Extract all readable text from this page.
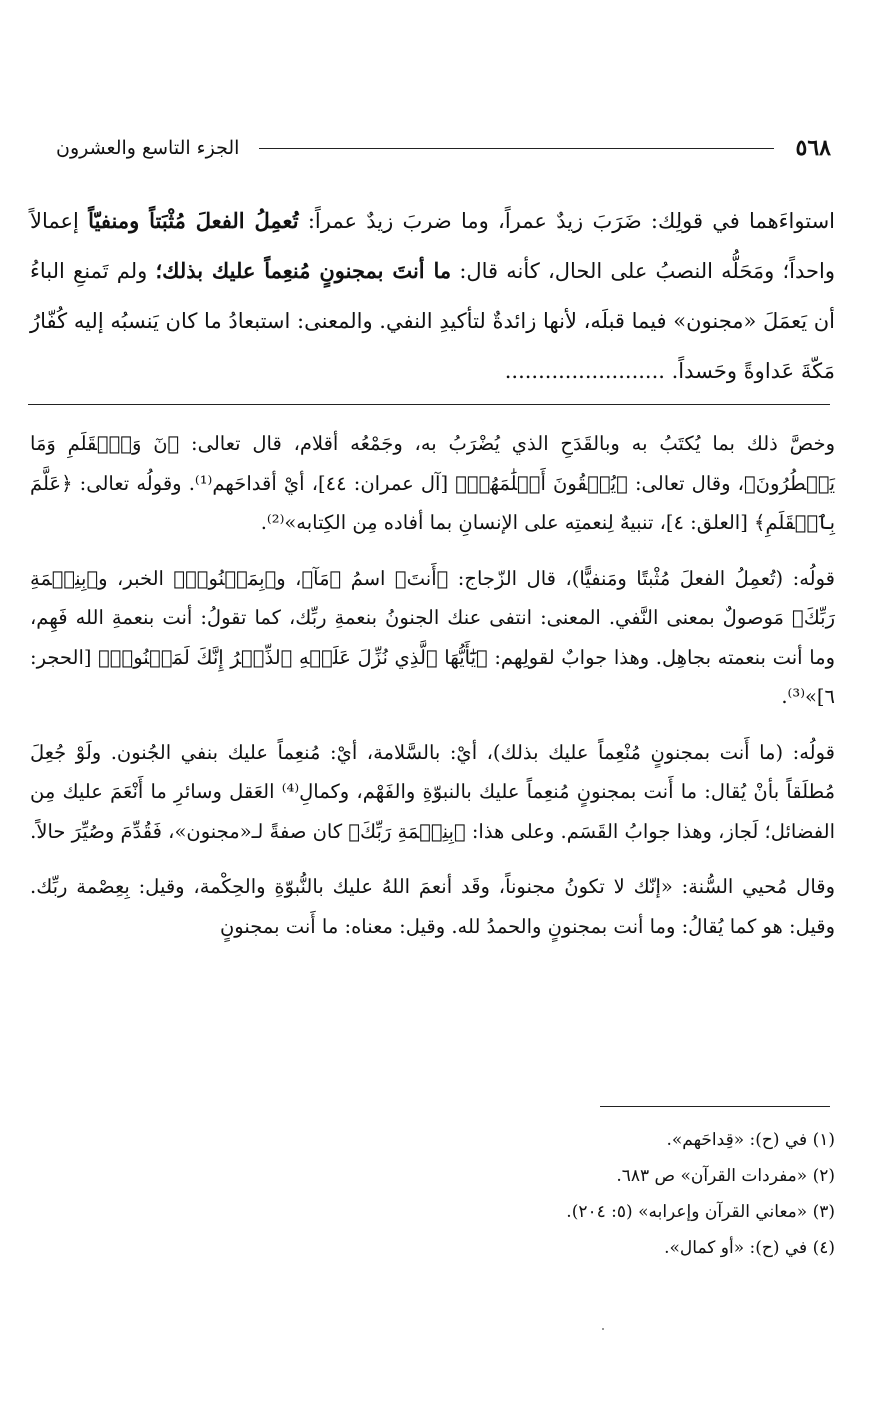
٥٦٨
الجزء التاسع والعشرون

استواءَهما في قولِك: ضَرَبَ زيدٌ عمراً، وما ضربَ زيدٌ عمراً: تُعمِلُ الفعلَ مُثْبَتاً ومنفيّاً إعمالاً واحداً؛ ومَحَلُّه النصبُ على الحال، كأنه قال: ما أنتَ بمجنونٍ مُنعِماً عليك بذلك؛ ولم تَمنعِ الباءُ أن يَعمَلَ «مجنون» فيما قبلَه، لأنها زائدةٌ لتأكيدِ النفي. والمعنى: استبعادُ ما كان يَنسبُه إليه كُفّارُ مَكّةَ عَداوةً وحَسداً. ........................

وخصَّ ذلك بما يُكتَبُ به وبالقَدَحِ الذي يُضْرَبُ به، وجَمْعُه أقلام، قال تعالى: ﴿نٓ وَٱلۡقَلَمِ وَمَا يَسۡطُرُونَ﴾، وقال تعالى: ﴿يُلۡقُونَ أَقۡلَٰمَهُمۡ﴾ [آل عمران: ٤٤]، أيْ أقداحَهم⁽¹⁾. وقولُه تعالى: ﴿عَلَّمَ بِٱلۡقَلَمِ﴾ [العلق: ٤]، تنبيهٌ لِنعمتِه على الإنسانِ بما أفاده مِن الكِتابه»⁽²⁾.

قولُه: (تُعمِلُ الفعلَ مُثْبتًا ومَنفيًّا)، قال الزّجاج: ﴿أَنتَ﴾ اسمُ ﴿مَآ﴾، و﴿بِمَجۡنُونٖ﴾ الخبر، و﴿بِنِعۡمَةِ رَبِّكَ﴾ مَوصولٌ بمعنى النَّفي. المعنى: انتفى عنك الجنونُ بنعمةِ ربِّك، كما تقولُ: أنت بنعمةِ الله فَهِم، وما أنت بنعمته بجاهِل. وهذا جوابٌ لقولِهم: ﴿يَٰٓأَيُّهَا ٱلَّذِي نُزِّلَ عَلَيۡهِ ٱلذِّكۡرُ إِنَّكَ لَمَجۡنُونٞ﴾ [الحجر: ٦]»⁽³⁾.

قولُه: (ما أَنت بمجنونٍ مُنْعِماً عليك بذلك)، أيْ: بالسَّلامة، أيْ: مُنعِماً عليك بنفي الجُنون. ولَوْ جُعِلَ مُطلَقاً بأنْ يُقال: ما أَنت بمجنونٍ مُنعِماً عليك بالنبوّةِ والفَهْم، وكمالِ⁽⁴⁾ العَقل وسائرِ ما أَنْعَمَ عليك مِن الفضائل؛ لَجاز، وهذا جوابُ القَسَم. وعلى هذا: ﴿بِنِعۡمَةِ رَبِّكَ﴾ كان صفةً لـ«مجنون»، فَقُدِّمَ وصُيِّرَ حالاً.

وقال مُحيي السُّنة: «إنّك لا تكونُ مجنوناً، وقَد أنعمَ اللهُ عليك بالنُّبوّةِ والحِكْمة، وقيل: بِعِصْمة ربِّك. وقيل: هو كما يُقالُ: وما أنت بمجنونٍ والحمدُ لله. وقيل: معناه: ما أَنت بمجنونٍ

(١) في (ح): «قِداحَهم».
(٢) «مفردات القرآن» ص ٦٨٣.
(٣) «معاني القرآن وإعرابه» (٥: ٢٠٤).
(٤) في (ح): «أو كمال».
